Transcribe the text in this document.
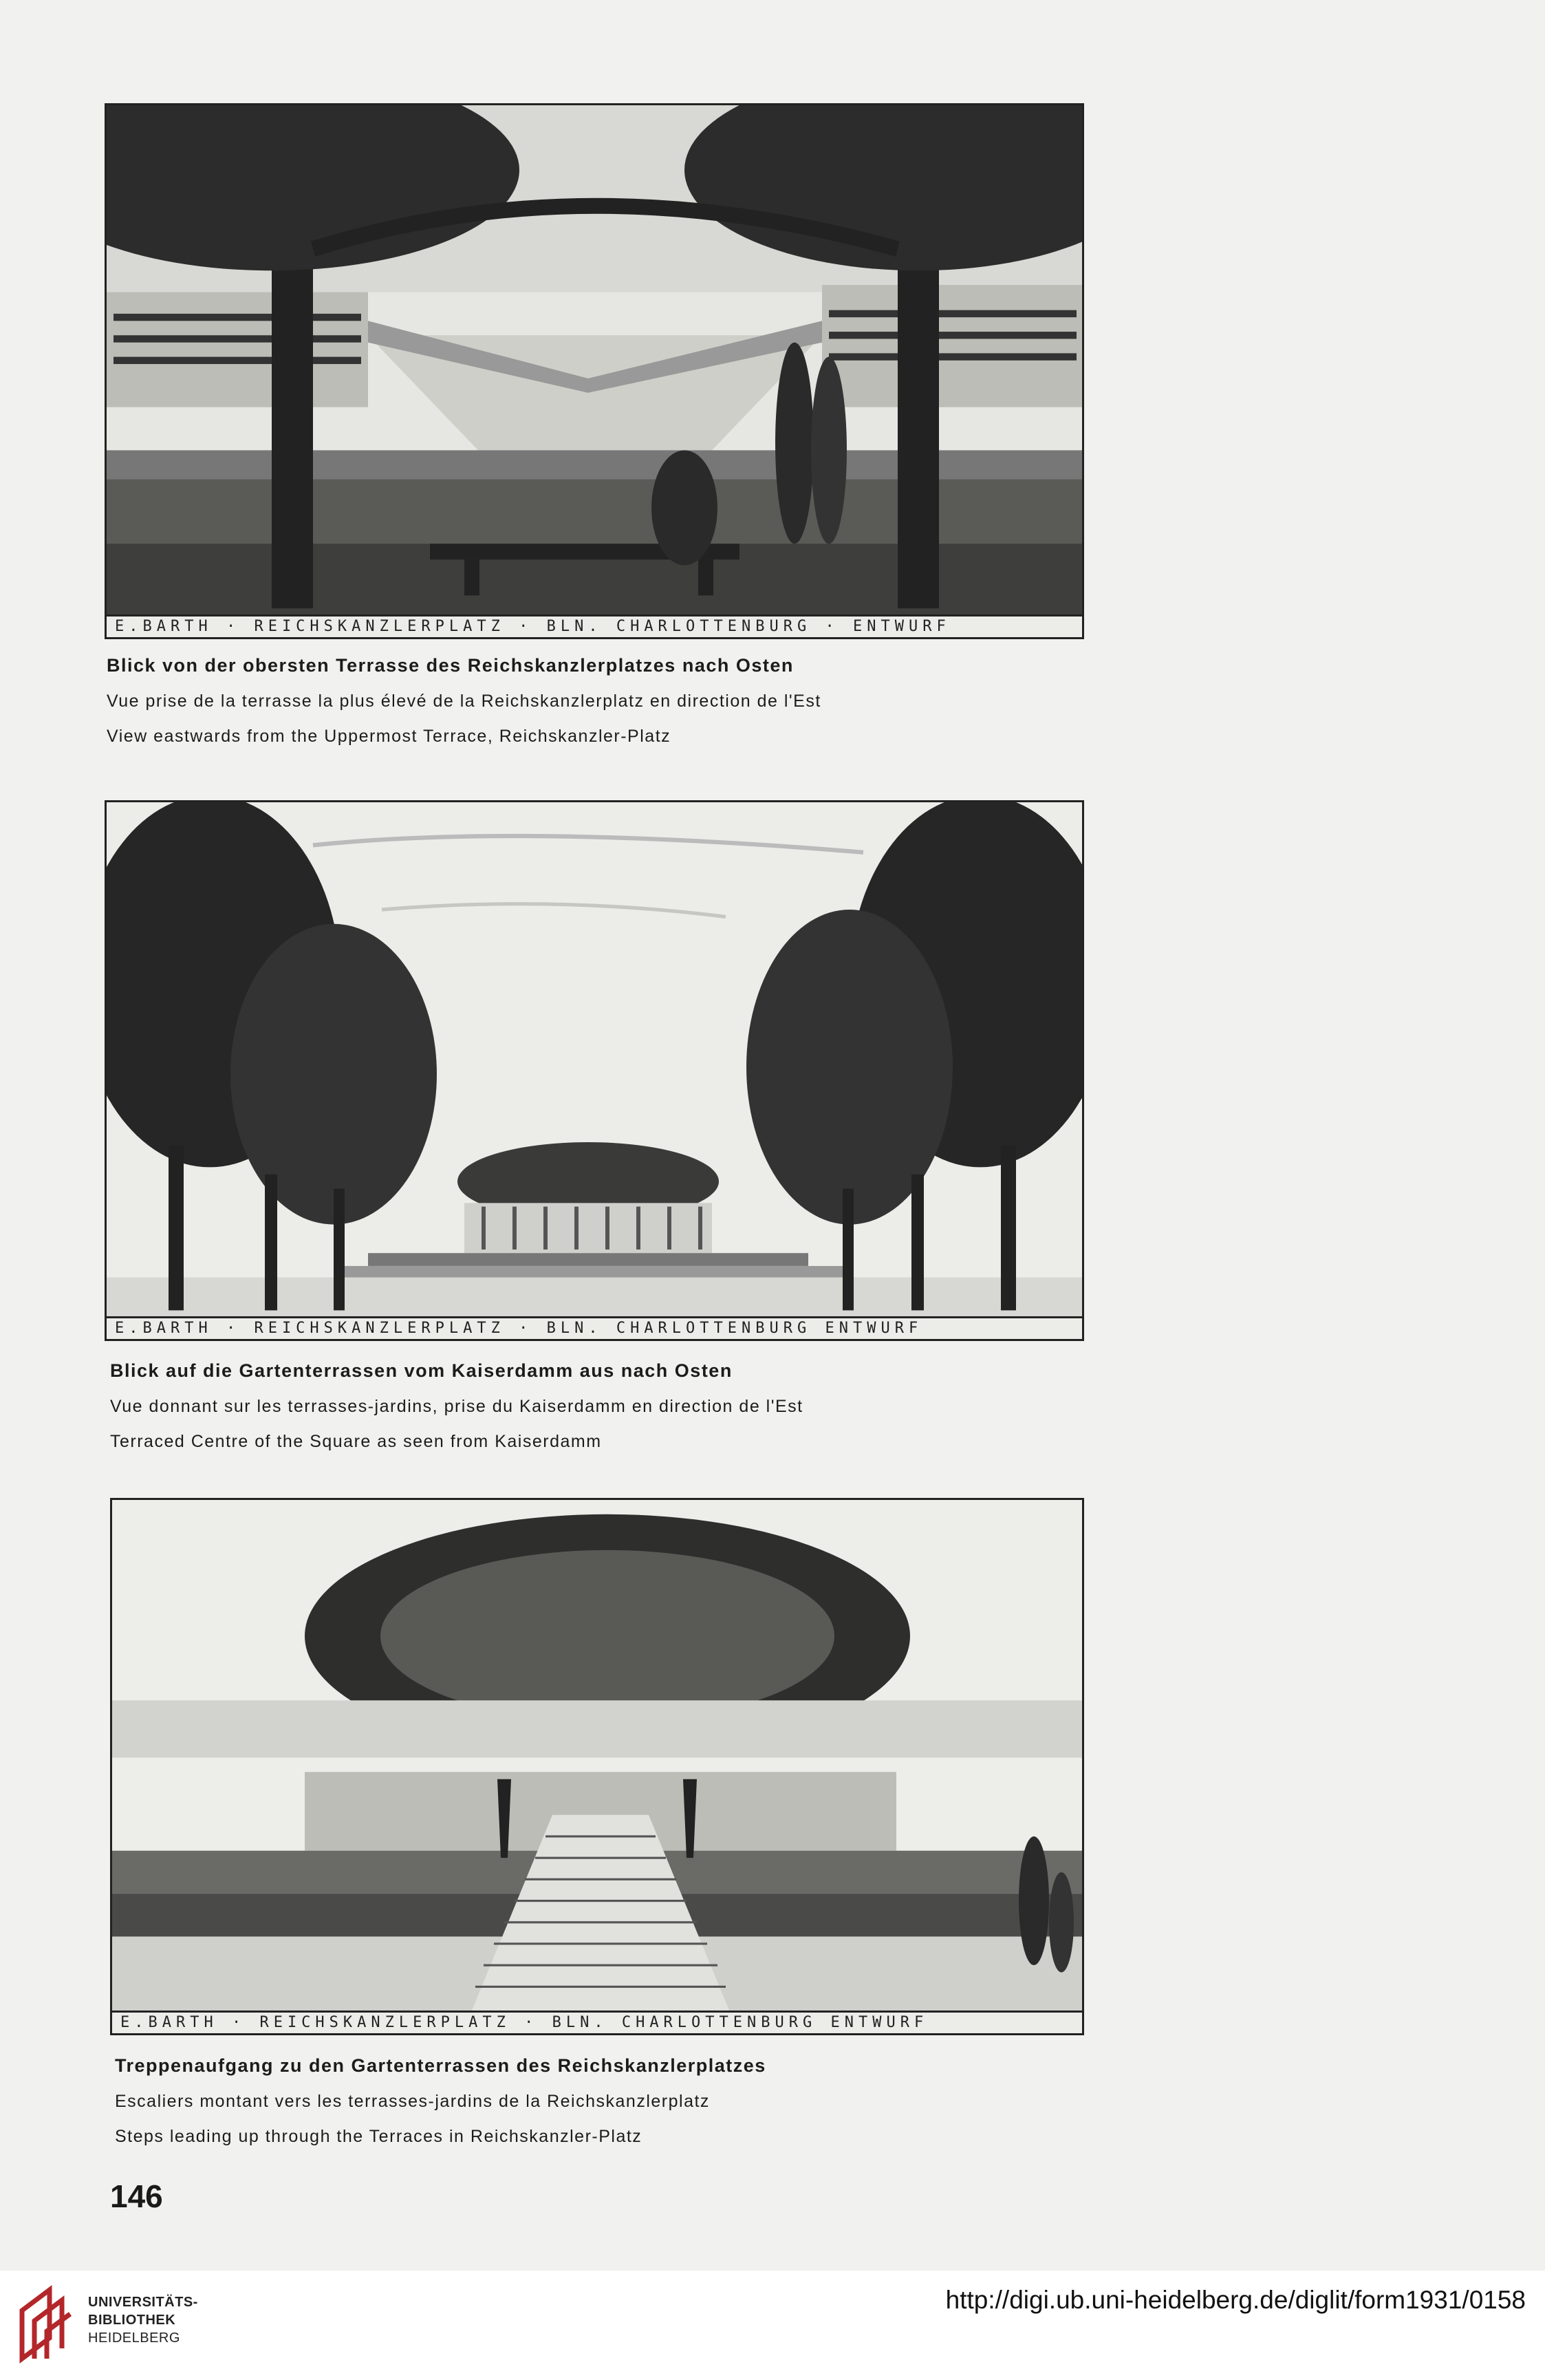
E.BARTH · REICHSKANZLERPLATZ · BLN. CHARLOTTENBURG · ENTWURF

Blick von der obersten Terrasse des Reichskanzlerplatzes nach Osten

Vue prise de la terrasse la plus élevé de la Reichskanzlerplatz en direction de l'Est

View eastwards from the Uppermost Terrace, Reichskanzler-Platz

E.BARTH · REICHSKANZLERPLATZ · BLN. CHARLOTTENBURG ENTWURF

Blick auf die Gartenterrassen vom Kaiserdamm aus nach Osten

Vue donnant sur les terrasses-jardins, prise du Kaiserdamm en direction de l'Est

Terraced Centre of the Square as seen from Kaiserdamm

E.BARTH · REICHSKANZLERPLATZ · BLN. CHARLOTTENBURG ENTWURF

Treppenaufgang zu den Gartenterrassen des Reichskanzlerplatzes

Escaliers montant vers les terrasses-jardins de la Reichskanzlerplatz

Steps leading up through the Terraces in Reichskanzler-Platz

146
UNIVERSITÄTS-
BIBLIOTHEK
HEIDELBERG
http://digi.ub.uni-heidelberg.de/diglit/form1931/0158
